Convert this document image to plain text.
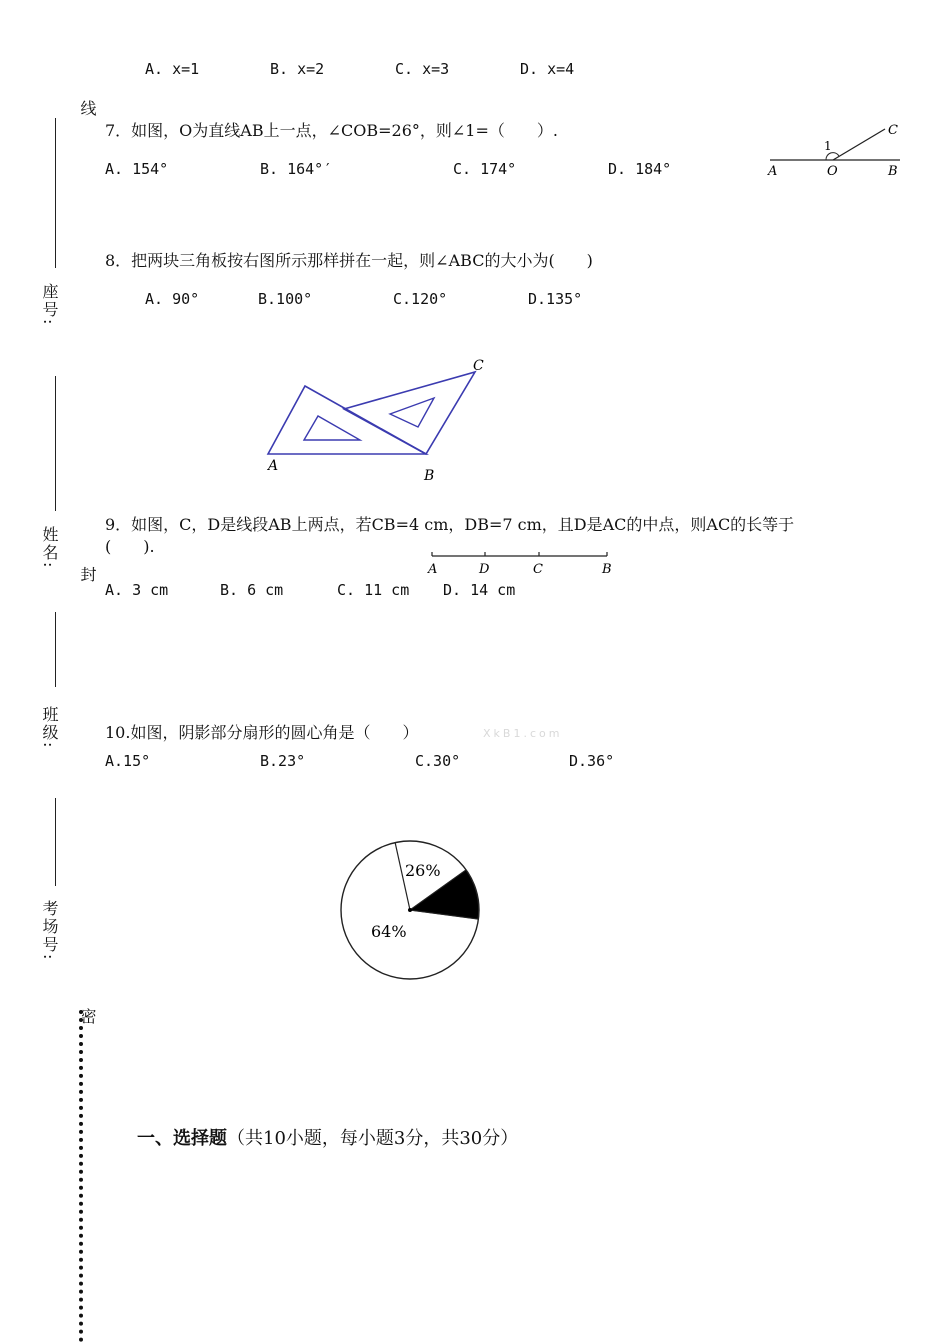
线
座号:
姓名:
封
班级:
考场号:
密
A. x=1	B. x=2	C. x=3	D. x=4
7．如图，O为直线AB上一点，∠COB=26°，则∠1=（　　）.
A. 154°	B. 164°′	C. 174°	D. 184°
1
C
A	O	B
8．把两块三角板按右图所示那样拼在一起，则∠ABC的大小为(　　)
A. 90°	B.100°	C.120°	D.135°
A
B
C
9．如图，C，D是线段AB上两点，若CB=4 cm，DB=7 cm，且D是AC的中点，则AC的长等于
(　　).
A. 3 cm	B. 6 cm	C. 11 cm D. 14 cm
A	D	C	B
10.如图，阴影部分扇形的圆心角是（　　）	XkB1.com
A.15°	B.23°	C.30°	D.36°
26%
64%
一、选择题（共10小题，每小题3分，共30分）
